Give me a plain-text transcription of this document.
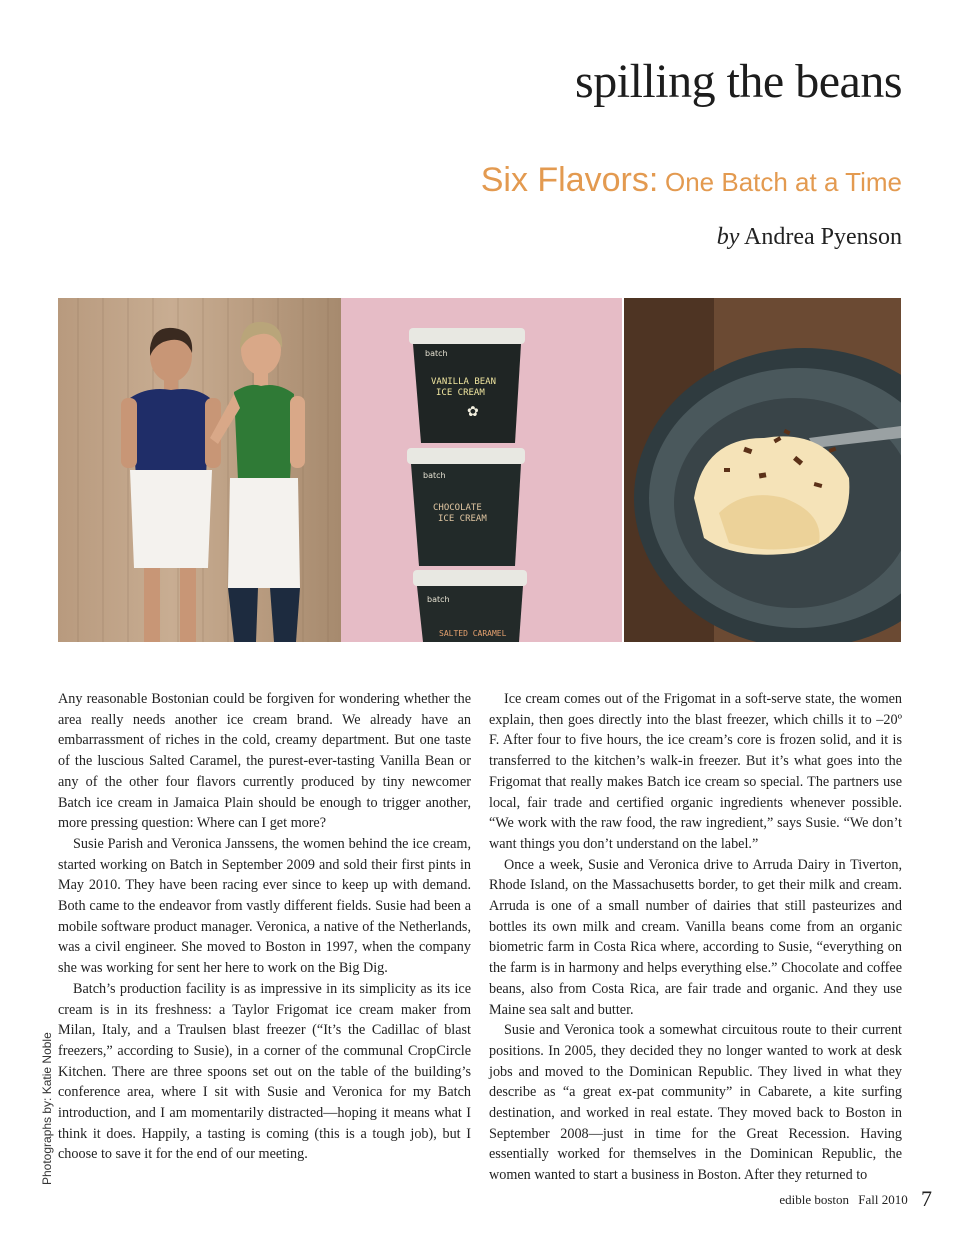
spilling the beans
Six Flavors: One Batch at a Time
by Andrea Pyenson
batch
VANILLA BEAN
ICE CREAM
✿
batch
CHOCOLATE
ICE CREAM
batch
SALTED CARAMEL
Photographs by: Katie Noble

Any reasonable Bostonian could be forgiven for wondering whether the area really needs another ice cream brand. We already have an embarrassment of riches in the cold, creamy department. But one taste of the luscious Salted Caramel, the purest-ever-tasting Vanilla Bean or any of the other four flavors currently produced by tiny newcomer Batch ice cream in Jamaica Plain should be enough to trigger another, more pressing question: Where can I get more?

Susie Parish and Veronica Janssens, the women behind the ice cream, started working on Batch in September 2009 and sold their first pints in May 2010. They have been racing ever since to keep up with demand. Both came to the endeavor from vastly different fields. Susie had been a mobile software product manager. Veronica, a native of the Netherlands, was a civil engineer. She moved to Boston in 1997, when the company she was working for sent her here to work on the Big Dig.

Batch’s production facility is as impressive in its simplicity as its ice cream is in its freshness: a Taylor Frigomat ice cream maker from Milan, Italy, and a Traulsen blast freezer (“It’s the Cadillac of blast freezers,” according to Susie), in a corner of the communal CropCircle Kitchen. There are three spoons set out on the table of the building’s conference area, where I sit with Susie and Veronica for my Batch introduction, and I am momentarily distracted—hoping it means what I think it does. Happily, a tasting is coming (this is a tough job), but I choose to save it for the end of our meeting.

Ice cream comes out of the Frigomat in a soft-serve state, the women explain, then goes directly into the blast freezer, which chills it to –20º F. After four to five hours, the ice cream’s core is frozen solid, and it is transferred to the kitchen’s walk-in freezer. But it’s what goes into the Frigomat that really makes Batch ice cream so special. The partners use local, fair trade and certified organic ingredients whenever possible. “We work with the raw food, the raw ingredient,” says Susie. “We don’t want things you don’t understand on the label.”

Once a week, Susie and Veronica drive to Arruda Dairy in Tiverton, Rhode Island, on the Massachusetts border, to get their milk and cream. Arruda is one of a small number of dairies that still pasteurizes and bottles its own milk and cream. Vanilla beans come from an organic biometric farm in Costa Rica where, according to Susie, “everything on the farm is in harmony and helps everything else.” Chocolate and coffee beans, also from Costa Rica, are fair trade and organic. And they use Maine sea salt and butter.

Susie and Veronica took a somewhat circuitous route to their current positions. In 2005, they decided they no longer wanted to work at desk jobs and moved to the Dominican Republic. They lived in what they describe as “a great ex-pat community” in Cabarete, a kite surfing destination, and worked in real estate. They moved back to Boston in September 2008—just in time for the Great Recession. Having essentially worked for themselves in the Dominican Republic, the women wanted to start a business in Boston. After they returned to

edible boston Fall 2010 7
